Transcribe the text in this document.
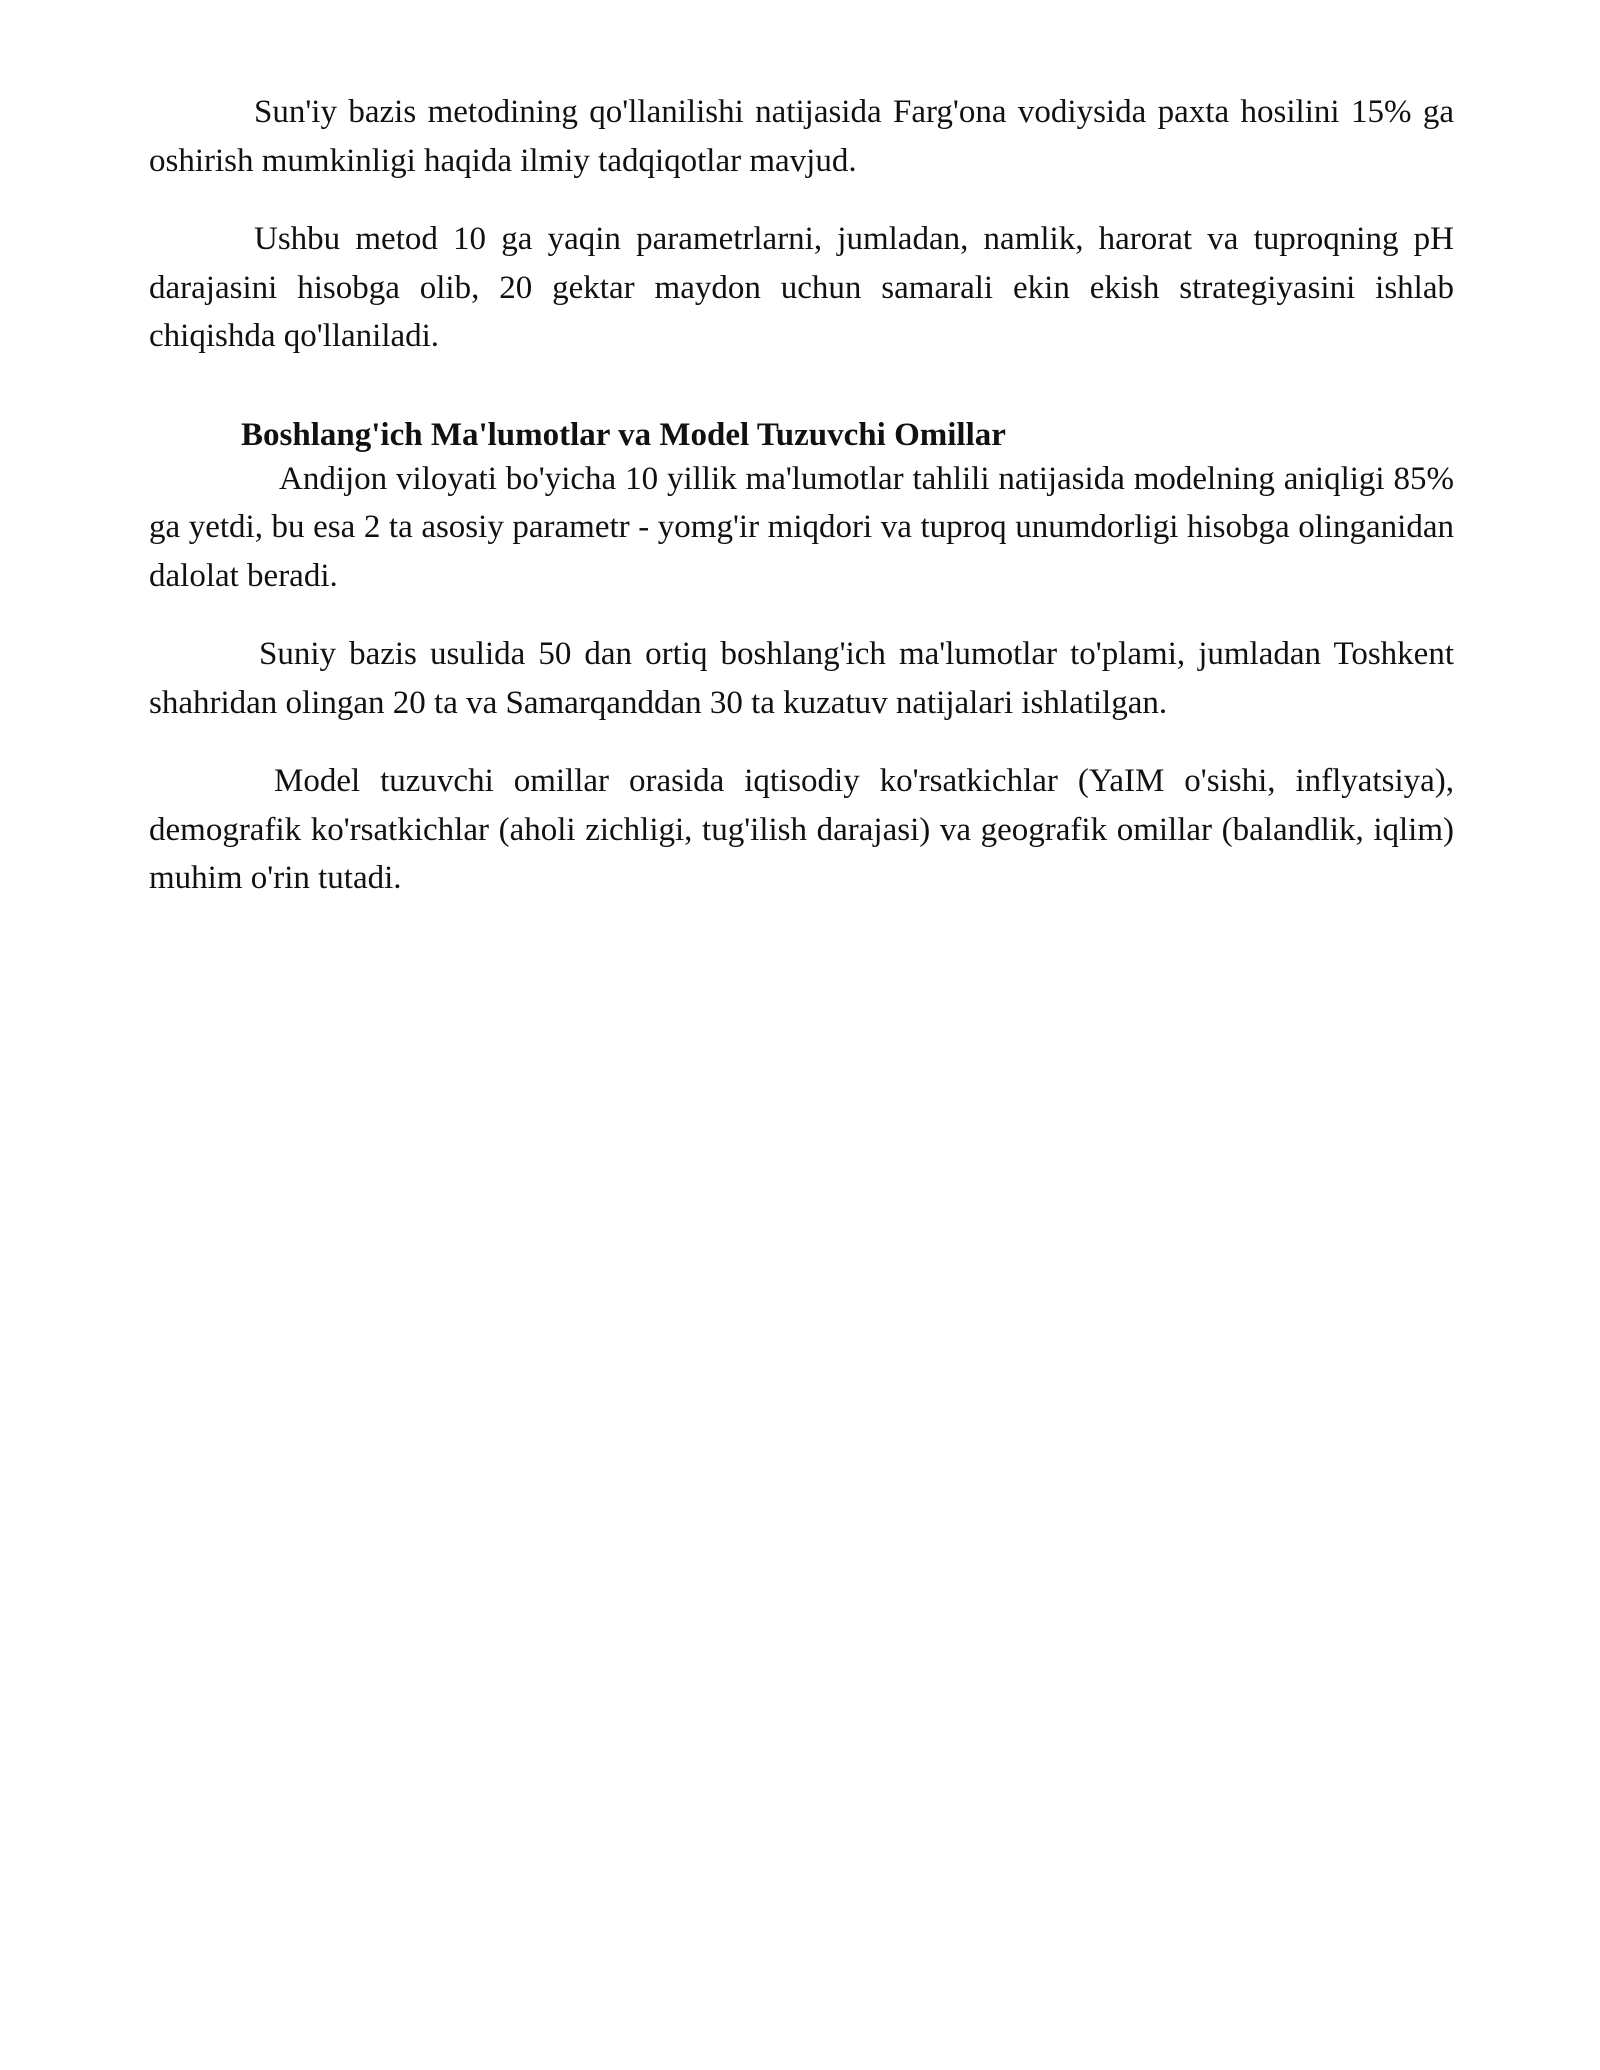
Sun'iy bazis metodining qo'llanilishi natijasida Farg'ona vodiysida paxta hosilini 15% ga oshirish mumkinligi haqida ilmiy tadqiqotlar mavjud.

Ushbu metod 10 ga yaqin parametrlarni, jumladan, namlik, harorat va tuproqning pH darajasini hisobga olib, 20 gektar maydon uchun samarali ekin ekish strategiyasini ishlab chiqishda qo'llaniladi.

Boshlang'ich Ma'lumotlar va Model Tuzuvchi Omillar

Andijon viloyati bo'yicha 10 yillik ma'lumotlar tahlili natijasida modelning aniqligi 85% ga yetdi, bu esa 2 ta asosiy parametr - yomg'ir miqdori va tuproq unumdorligi hisobga olinganidan dalolat beradi.

Suniy bazis usulida 50 dan ortiq boshlang'ich ma'lumotlar to'plami, jumladan Toshkent shahridan olingan 20 ta va Samarqanddan 30 ta kuzatuv natijalari ishlatilgan.

Model tuzuvchi omillar orasida iqtisodiy ko'rsatkichlar (YaIM o'sishi, inflyatsiya), demografik ko'rsatkichlar (aholi zichligi, tug'ilish darajasi) va geografik omillar (balandlik, iqlim) muhim o'rin tutadi.
